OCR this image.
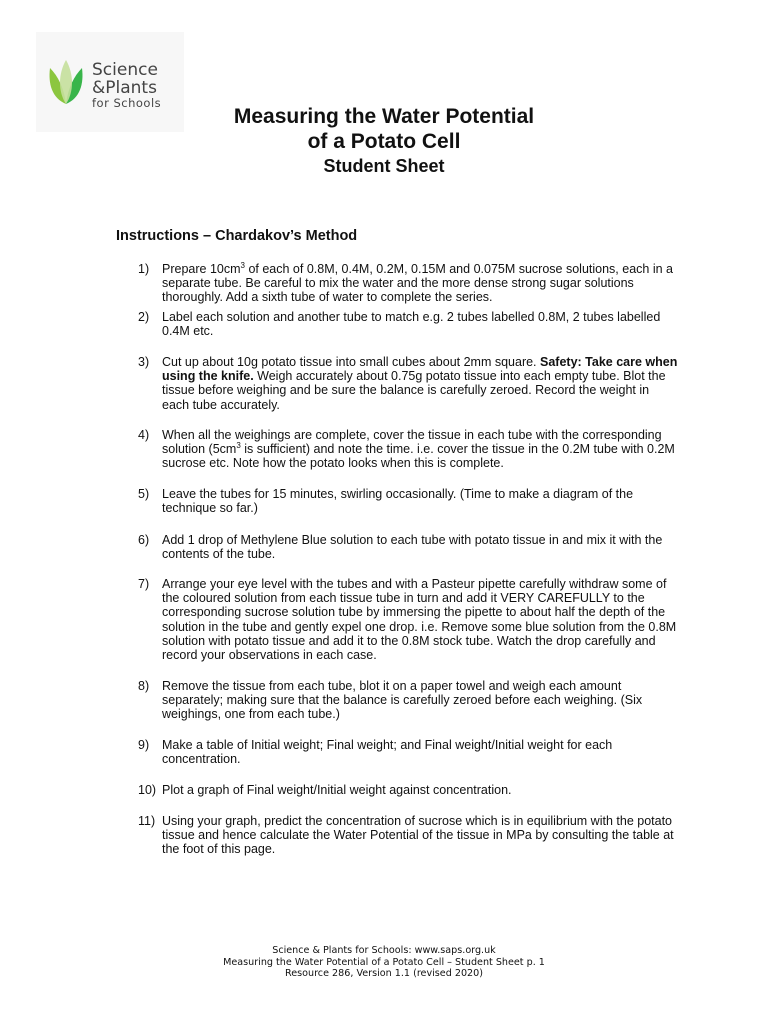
Science
&Plants
for Schools
Measuring the Water Potential
of a Potato Cell
Student Sheet
Instructions – Chardakov’s Method
1) Prepare $10cm^3$ of each of 0.8M, 0.4M, 0.2M, 0.15M and 0.075M sucrose solutions, each in a separate tube. Be careful to mix the water and the more dense strong sugar solutions thoroughly. Add a sixth tube of water to complete the series.
2) Label each solution and another tube to match e.g. 2 tubes labelled 0.8M, 2 tubes labelled 0.4M etc.
3) Cut up about 10g potato tissue into small cubes about 2mm square. Safety: Take care when using the knife. Weigh accurately about 0.75g potato tissue into each empty tube. Blot the tissue before weighing and be sure the balance is carefully zeroed. Record the weight in each tube accurately.
4) When all the weighings are complete, cover the tissue in each tube with the corresponding solution ($5cm^3$ is sufficient) and note the time. i.e. cover the tissue in the 0.2M tube with 0.2M sucrose etc. Note how the potato looks when this is complete.
5) Leave the tubes for 15 minutes, swirling occasionally. (Time to make a diagram of the technique so far.)
6) Add 1 drop of Methylene Blue solution to each tube with potato tissue in and mix it with the contents of the tube.
7) Arrange your eye level with the tubes and with a Pasteur pipette carefully withdraw some of the coloured solution from each tissue tube in turn and add it VERY CAREFULLY to the corresponding sucrose solution tube by immersing the pipette to about half the depth of the solution in the tube and gently expel one drop. i.e. Remove some blue solution from the 0.8M solution with potato tissue and add it to the 0.8M stock tube. Watch the drop carefully and record your observations in each case.
8) Remove the tissue from each tube, blot it on a paper towel and weigh each amount separately; making sure that the balance is carefully zeroed before each weighing. (Six weighings, one from each tube.)
9) Make a table of Initial weight; Final weight; and Final weight/Initial weight for each concentration.
10) Plot a graph of Final weight/Initial weight against concentration.
11) Using your graph, predict the concentration of sucrose which is in equilibrium with the potato tissue and hence calculate the Water Potential of the tissue in MPa by consulting the table at the foot of this page.
Science & Plants for Schools: www.saps.org.uk
Measuring the Water Potential of a Potato Cell – Student Sheet p. 1
Resource 286, Version 1.1 (revised 2020)
